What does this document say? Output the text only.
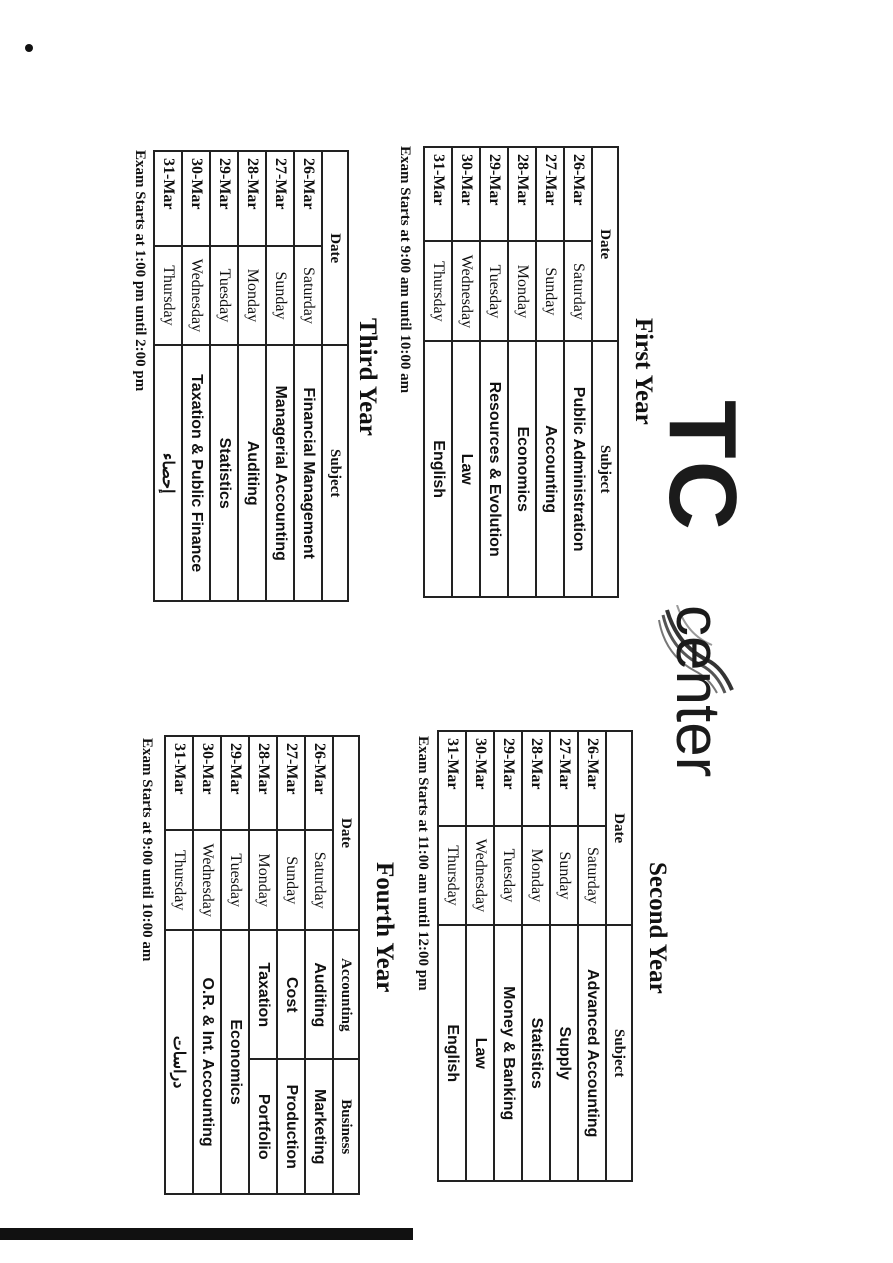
TC
center
First Year
Date		Subject
26-Mar	Saturday	Public Administration
27-Mar	Sunday	Accounting
28-Mar	Monday	Economics
29-Mar	Tuesday	Resources & Evolution
30-Mar	Wednesday	Law
31-Mar	Thursday	English
Exam Starts at 9:00 am until 10:00 am
Third Year
Date		Subject
26-Mar	Saturday	Financial Management
27-Mar	Sunday	Managerial Accounting
28-Mar	Monday	Auditing
29-Mar	Tuesday	Statistics
30-Mar	Wednesday	Taxation & Public Finance
31-Mar	Thursday	إحصاء
Exam Starts at 1:00 pm until 2:00 pm
Second Year
Date		Subject
26-Mar	Saturday	Advanced Accounting
27-Mar	Sunday	Supply
28-Mar	Monday	Statistics
29-Mar	Tuesday	Money & Banking
30-Mar	Wednesday	Law
31-Mar	Thursday	English
Exam Starts at 11:00 am until 12:00 pm
Fourth Year
Date		Accounting	Business
26-Mar	Saturday	Auditing	Marketing
27-Mar	Sunday	Cost	Production
28-Mar	Monday	Taxation	Portfolio
29-Mar	Tuesday	Economics	
30-Mar	Wednesday	O.R. & Int. Accounting	
31-Mar	Thursday	دراسات	
Exam Starts at 9:00 until 10:00 am
